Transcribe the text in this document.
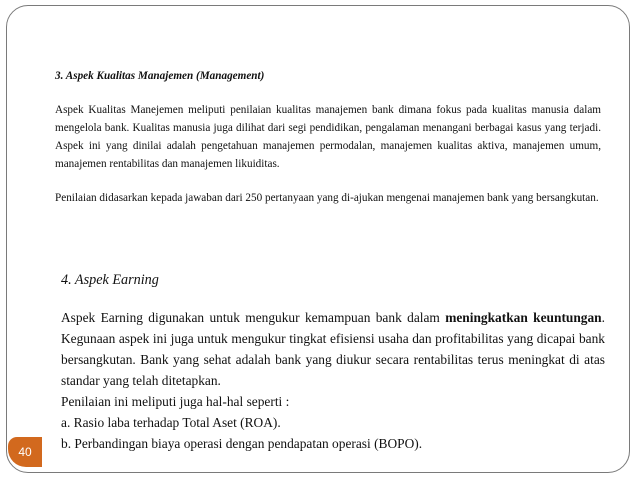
3. Aspek Kualitas Manajemen (Management)

Aspek Kualitas Manejemen meliputi penilaian kualitas manajemen bank dimana fokus pada kualitas manusia dalam mengelola bank. Kualitas manusia juga dilihat dari segi pendidikan, pengalaman menangani berbagai kasus yang terjadi. Aspek ini yang dinilai adalah pengetahuan manajemen permodalan, manajemen kualitas aktiva, manajemen umum, manajemen rentabilitas dan manajemen likuiditas.

Penilaian didasarkan kepada jawaban dari 250 pertanyaan yang di-ajukan mengenai manajemen bank yang bersangkutan.

4. Aspek Earning

Aspek Earning digunakan untuk mengukur kemampuan bank dalam meningkatkan keuntungan. Kegunaan aspek ini juga untuk mengukur tingkat efisiensi usaha dan profitabilitas yang dicapai bank bersangkutan. Bank yang sehat adalah bank yang diukur secara rentabilitas terus meningkat di atas standar yang telah ditetapkan.

Penilaian ini meliputi juga hal-hal seperti :
a. Rasio laba terhadap Total Aset (ROA).
b. Perbandingan biaya operasi dengan pendapatan operasi (BOPO).
40
